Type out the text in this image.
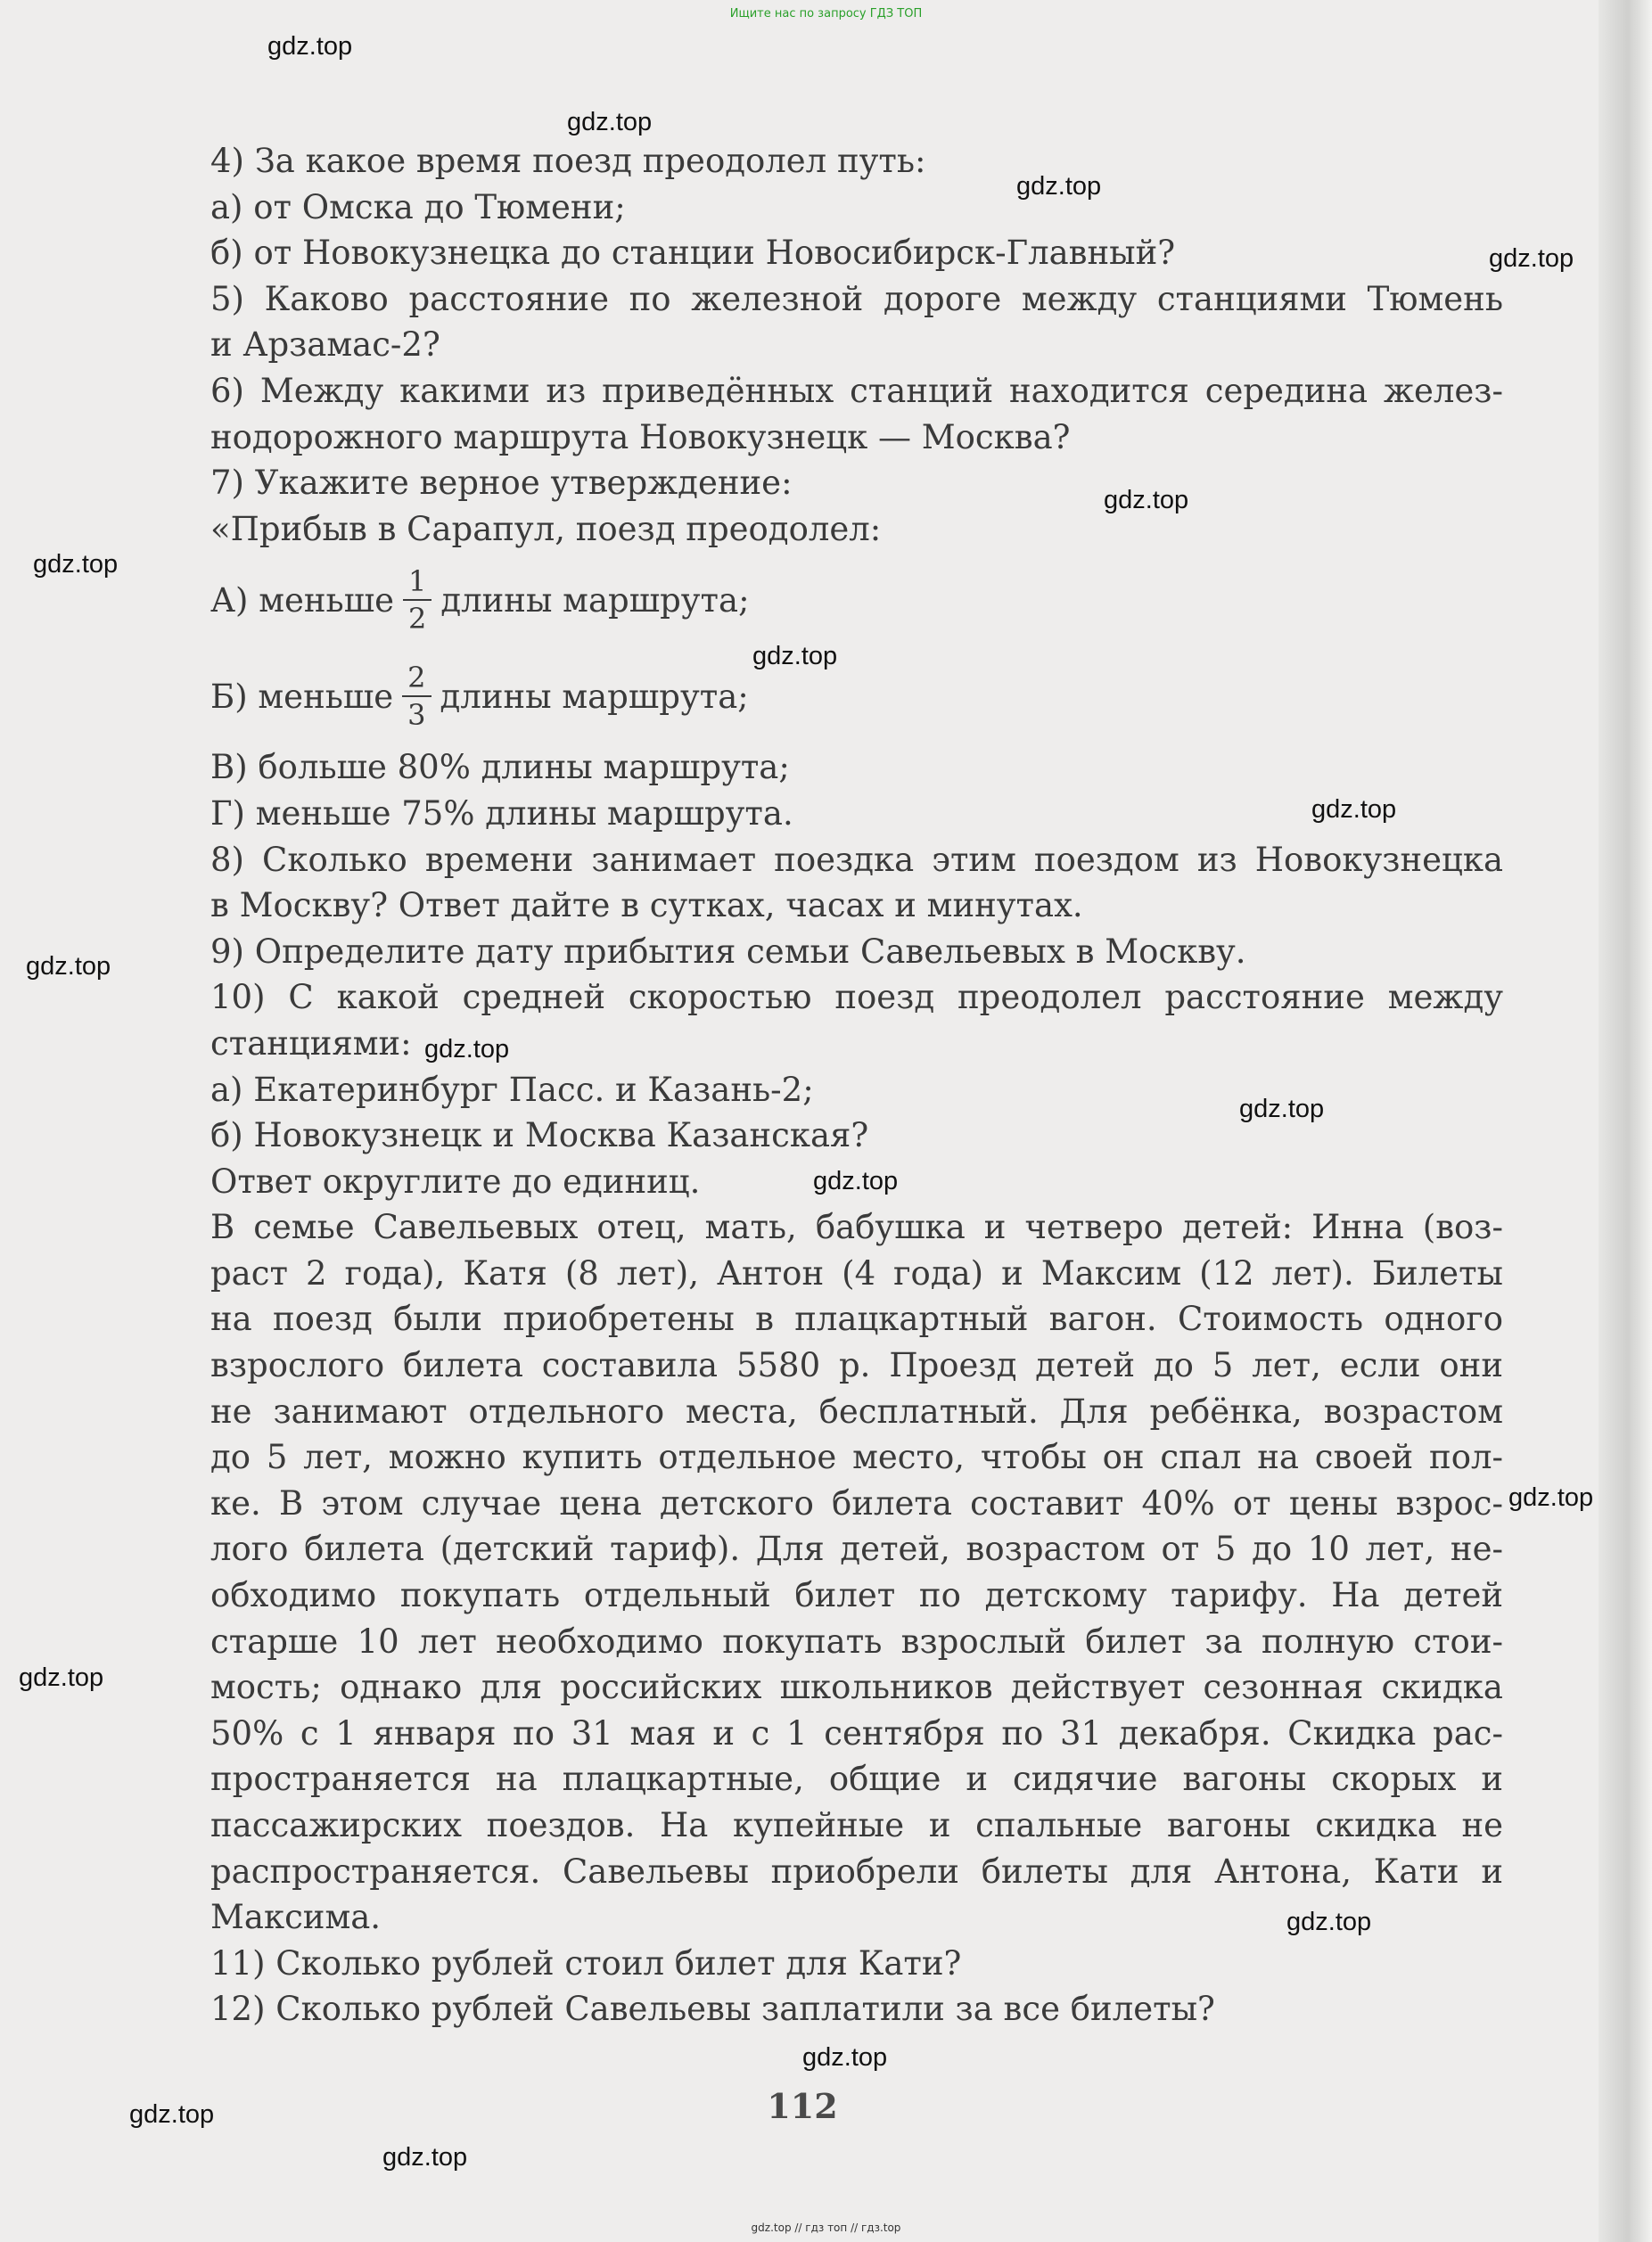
Ищите нас по запросу ГДЗ ТОП
4) За какое время поезд преодолел путь:
а) от Омска до Тюмени;
б) от Новокузнецка до станции Новосибирск-Главный?
5) Каково расстояние по железной дороге между станциями Тюмень
и Арзамас-2?
6) Между какими из приведённых станций находится середина желез-
нодорожного маршрута Новокузнецк — Москва?
7) Укажите верное утверждение:
«Прибыв в Сарапул, поезд преодолел:
А) меньше $\frac{1}{2}$ длины маршрута;
Б) меньше $\frac{2}{3}$ длины маршрута;
В) больше 80% длины маршрута;
Г) меньше 75% длины маршрута.
8) Сколько времени занимает поездка этим поездом из Новокузнецка
в Москву? Ответ дайте в сутках, часах и минутах.
9) Определите дату прибытия семьи Савельевых в Москву.
10) С какой средней скоростью поезд преодолел расстояние между
станциями:
а) Екатеринбург Пасс. и Казань-2;
б) Новокузнецк и Москва Казанская?
Ответ округлите до единиц.
В семье Савельевых отец, мать, бабушка и четверо детей: Инна (воз-
раст 2 года), Катя (8 лет), Антон (4 года) и Максим (12 лет). Билеты
на поезд были приобретены в плацкартный вагон. Стоимость одного
взрослого билета составила 5580 р. Проезд детей до 5 лет, если они
не занимают отдельного места, бесплатный. Для ребёнка, возрастом
до 5 лет, можно купить отдельное место, чтобы он спал на своей пол-
ке. В этом случае цена детского билета составит 40% от цены взрос-
лого билета (детский тариф). Для детей, возрастом от 5 до 10 лет, не-
обходимо покупать отдельный билет по детскому тарифу. На детей
старше 10 лет необходимо покупать взрослый билет за полную стои-
мость; однако для российских школьников действует сезонная скидка
50% с 1 января по 31 мая и с 1 сентября по 31 декабря. Скидка рас-
пространяется на плацкартные, общие и сидячие вагоны скорых и
пассажирских поездов. На купейные и спальные вагоны скидка не
распространяется. Савельевы приобрели билеты для Антона, Кати и
Максима.
11) Сколько рублей стоил билет для Кати?
12) Сколько рублей Савельевы заплатили за все билеты?
112
gdz.top
gdz.top
gdz.top
gdz.top
gdz.top
gdz.top
gdz.top
gdz.top
gdz.top
gdz.top
gdz.top
gdz.top
gdz.top
gdz.top
gdz.top
gdz.top
gdz.top
gdz.top
gdz.top // гдз топ // гдз.top
